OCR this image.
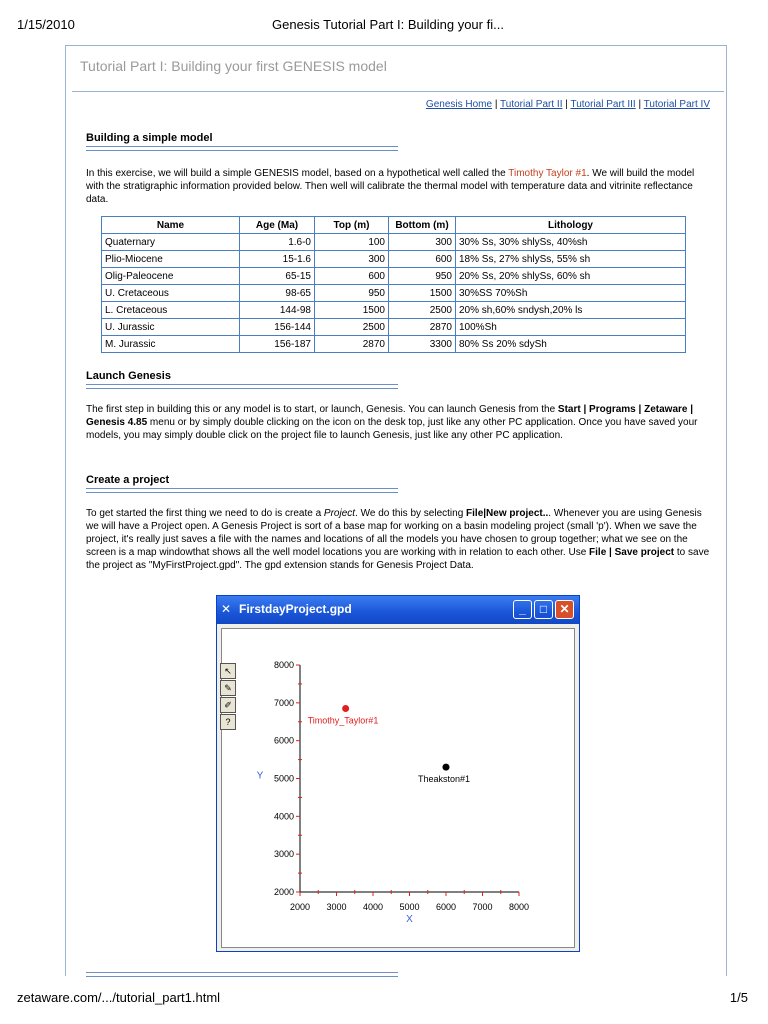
1/15/2010	Genesis Tutorial Part I: Building your fi...
Tutorial Part I: Building your first GENESIS model
Genesis Home | Tutorial Part II | Tutorial Part III | Tutorial Part IV
Building a simple model
In this exercise, we will build a simple GENESIS model, based on a hypothetical well called the Timothy Taylor #1. We will build the model with the stratigraphic information provided below. Then well will calibrate the thermal model with temperature data and vitrinite reflectance data.
Name	Age (Ma)	Top (m)	Bottom (m)	Lithology
Quaternary	1.6-0	100	300	30% Ss, 30% shlySs, 40%sh
Plio-Miocene	15-1.6	300	600	18% Ss, 27% shlySs, 55% sh
Olig-Paleocene	65-15	600	950	20% Ss, 20% shlySs, 60% sh
U. Cretaceous	98-65	950	1500	30%SS 70%Sh
L. Cretaceous	144-98	1500	2500	20% sh,60% sndysh,20% ls
U. Jurassic	156-144	2500	2870	100%Sh
M. Jurassic	156-187	2870	3300	80% Ss 20% sdySh
Launch Genesis
The first step in building this or any model is to start, or launch, Genesis. You can launch Genesis from the Start | Programs | Zetaware | Genesis 4.85 menu or by simply double clicking on the icon on the desk top, just like any other PC application. Once you have saved your models, you may simply double click on the project file to launch Genesis, just like any other PC application.
Create a project
To get started the first thing we need to do is create a Project. We do this by selecting File|New project... Whenever you are using Genesis we will have a Project open. A Genesis Project is sort of a base map for working on a basin modeling project (small 'p'). When we save the project, it's really just saves a file with the names and locations of all the models you have chosen to group together; what we see on the screen is a map windowthat shows all the well model locations you are working with in relation to each other. Use File | Save project to save the project as "MyFirstProject.gpd". The gpd extension stands for Genesis Project Data.
✕ FirstdayProject.gpd	_	□	✕
2000 3000 4000 5000 6000 7000 8000
2000
3000
4000
5000
6000
7000
8000
X
Y
Timothy_Taylor#1
Theakston#1
↖
✎
✐
?
zetaware.com/.../tutorial_part1.html	1/5
